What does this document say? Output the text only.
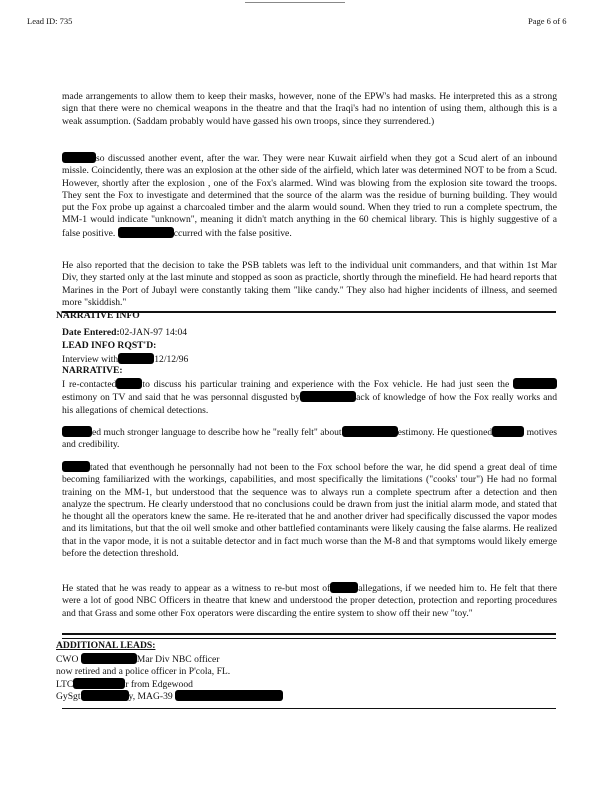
Lead ID: 735	Page 6 of 6
made arrangements to allow them to keep their masks, however, none of the EPW's had masks. He interpreted this as a strong sign that there were no chemical weapons in the theatre and that the Iraqi's had no intention of using them, although this is a weak assumption. (Saddam probably would have gassed his own troops, since they surrendered.)
so discussed another event, after the war. They were near Kuwait airfield when they got a Scud alert of an inbound missle. Coincidently, there was an explosion at the other side of the airfield, which later was determined NOT to be from a Scud. However, shortly after the explosion , one of the Fox's alarmed. Wind was blowing from the explosion site toward the troops. They sent the Fox to investigate and determined that the source of the alarm was the residue of burning building. They would put the Fox probe up against a charcoaled timber and the alarm would sound. When they tried to run a complete spectrum, the MM-1 would indicate "unknown", meaning it didn't match anything in the 60 chemical library. This is highly suggestive of a false positive.	ccurred with the false positive.
He also reported that the decision to take the PSB tablets was left to the individual unit commanders, and that within 1st Mar Div, they started only at the last minute and stopped as soon as practicle, shortly through the minefield. He had heard reports that Marines in the Port of Jubayl were constantly taking them "like candy." They also had higher incidents of illness, and seemed more "skiddish."
NARRATIVE INFO
Date Entered:02-JAN-97 14:04
LEAD INFO RQST'D:
Interview with	12/12/96
NARRATIVE:
I re-contacted	to discuss his particular training and experience with the Fox vehicle. He had just seen the estimony on TV and said that he was personnal disgusted by	ack of knowledge of how the Fox really works and his allegations of chemical detections.
ed much stronger language to describe how he "really felt" about	estimony. He questioned	motives and credibility.
tated that eventhough he personnally had not been to the Fox school before the war, he did spend a great deal of time becoming familiarized with the workings, capabilities, and most specifically the limitations ("cooks' tour") He had no formal training on the MM-1, but understood that the sequence was to always run a complete spectrum after a detection and then analyze the spectrum. He clearly understood that no conclusions could be drawn from just the initial alarm mode, and stated that he thought all the operators knew the same. He re-iterated that he and another driver had specifically discussed the vapor modes and its limitations, but that the oil well smoke and other battlefied contaminants were likely causing the false alarms. He realized that in the vapor mode, it is not a suitable detector and in fact much worse than the M-8 and that symptoms would likely emerge before the detection threshold.
He stated that he was ready to appear as a witness to re-but most of	allegations, if we needed him to. He felt that there were a lot of good NBC Officers in theatre that knew and understood the proper detection, protection and reporting procedures and that Grass and some other Fox operators were discarding the entire system to show off their new "toy."
ADDITIONAL LEADS:
CWO	Mar Div NBC officer
now retired and a police officer in P'cola, FL.
LTC	r from Edgewood
GySgt	y, MAG-39
